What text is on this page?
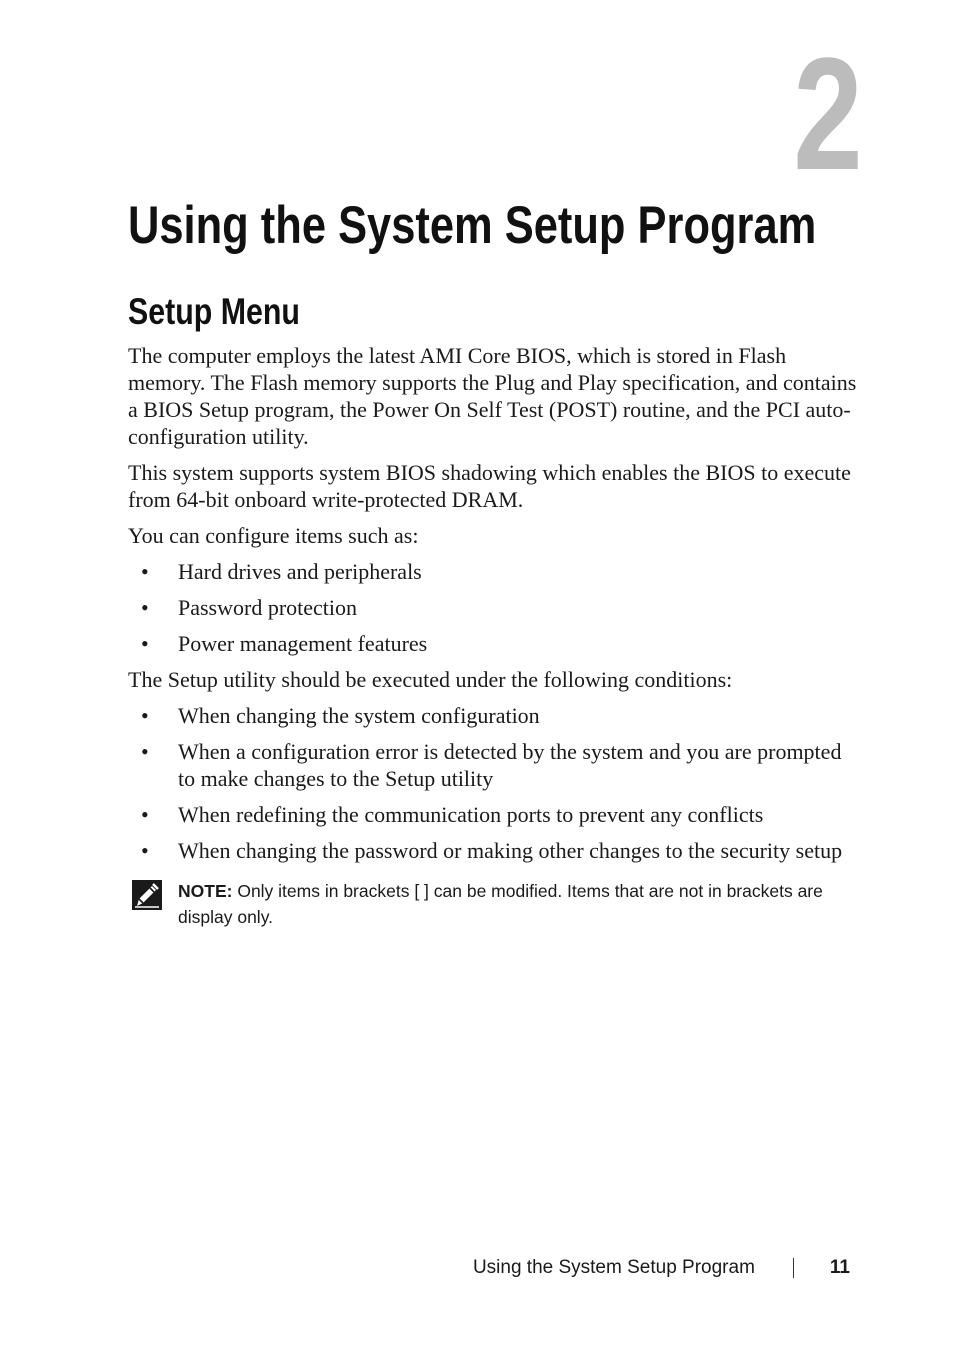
2
Using the System Setup Program
Setup Menu

The computer employs the latest AMI Core BIOS, which is stored in Flash memory. The Flash memory supports the Plug and Play specification, and contains a BIOS Setup program, the Power On Self Test (POST) routine, and the PCI auto-configuration utility.

This system supports system BIOS shadowing which enables the BIOS to execute from 64-bit onboard write-protected DRAM.

You can configure items such as:

• Hard drives and peripherals
• Password protection
• Power management features

The Setup utility should be executed under the following conditions:

• When changing the system configuration
• When a configuration error is detected by the system and you are prompted to make changes to the Setup utility
• When redefining the communication ports to prevent any conflicts
• When changing the password or making other changes to the security setup
NOTE: Only items in brackets [ ] can be modified. Items that are not in brackets are display only.
Using the System Setup Program	11
